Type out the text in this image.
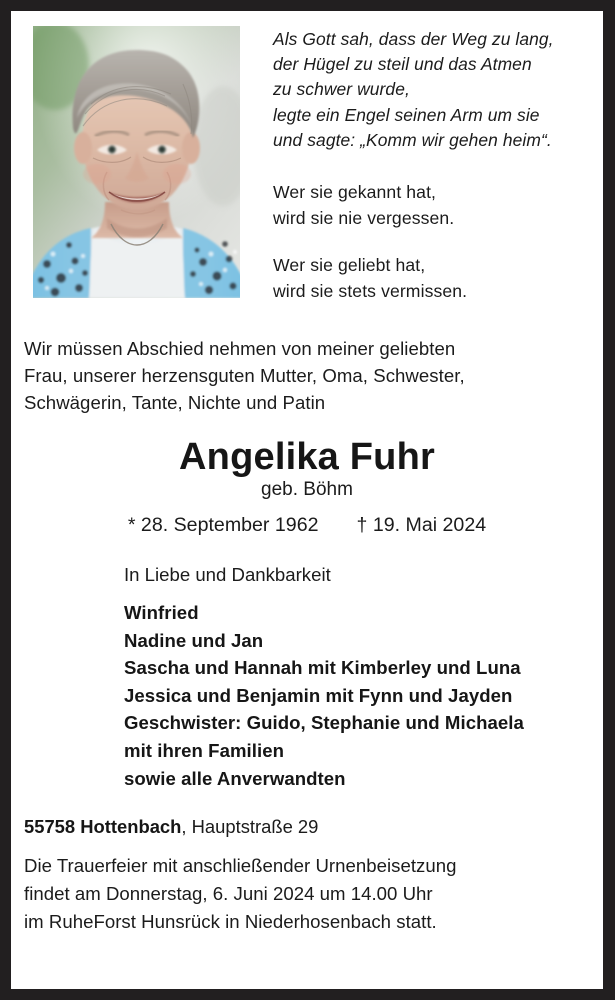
Als Gott sah, dass der Weg zu lang,
der Hügel zu steil und das Atmen
zu schwer wurde,
legte ein Engel seinen Arm um sie
und sagte: „Komm wir gehen heim“.
Wer sie gekannt hat,
wird sie nie vergessen.
Wer sie geliebt hat,
wird sie stets vermissen.
Wir müssen Abschied nehmen von meiner geliebten
Frau, unserer herzensguten Mutter, Oma, Schwester,
Schwägerin, Tante, Nichte und Patin
Angelika Fuhr
geb. Böhm
* 28. September 1962 † 19. Mai 2024
In Liebe und Dankbarkeit
Winfried
Nadine und Jan
Sascha und Hannah mit Kimberley und Luna
Jessica und Benjamin mit Fynn und Jayden
Geschwister: Guido, Stephanie und Michaela
mit ihren Familien
sowie alle Anverwandten
55758 Hottenbach, Hauptstraße 29
Die Trauerfeier mit anschließender Urnenbeisetzung
findet am Donnerstag, 6. Juni 2024 um 14.00 Uhr
im RuheForst Hunsrück in Niederhosenbach statt.
